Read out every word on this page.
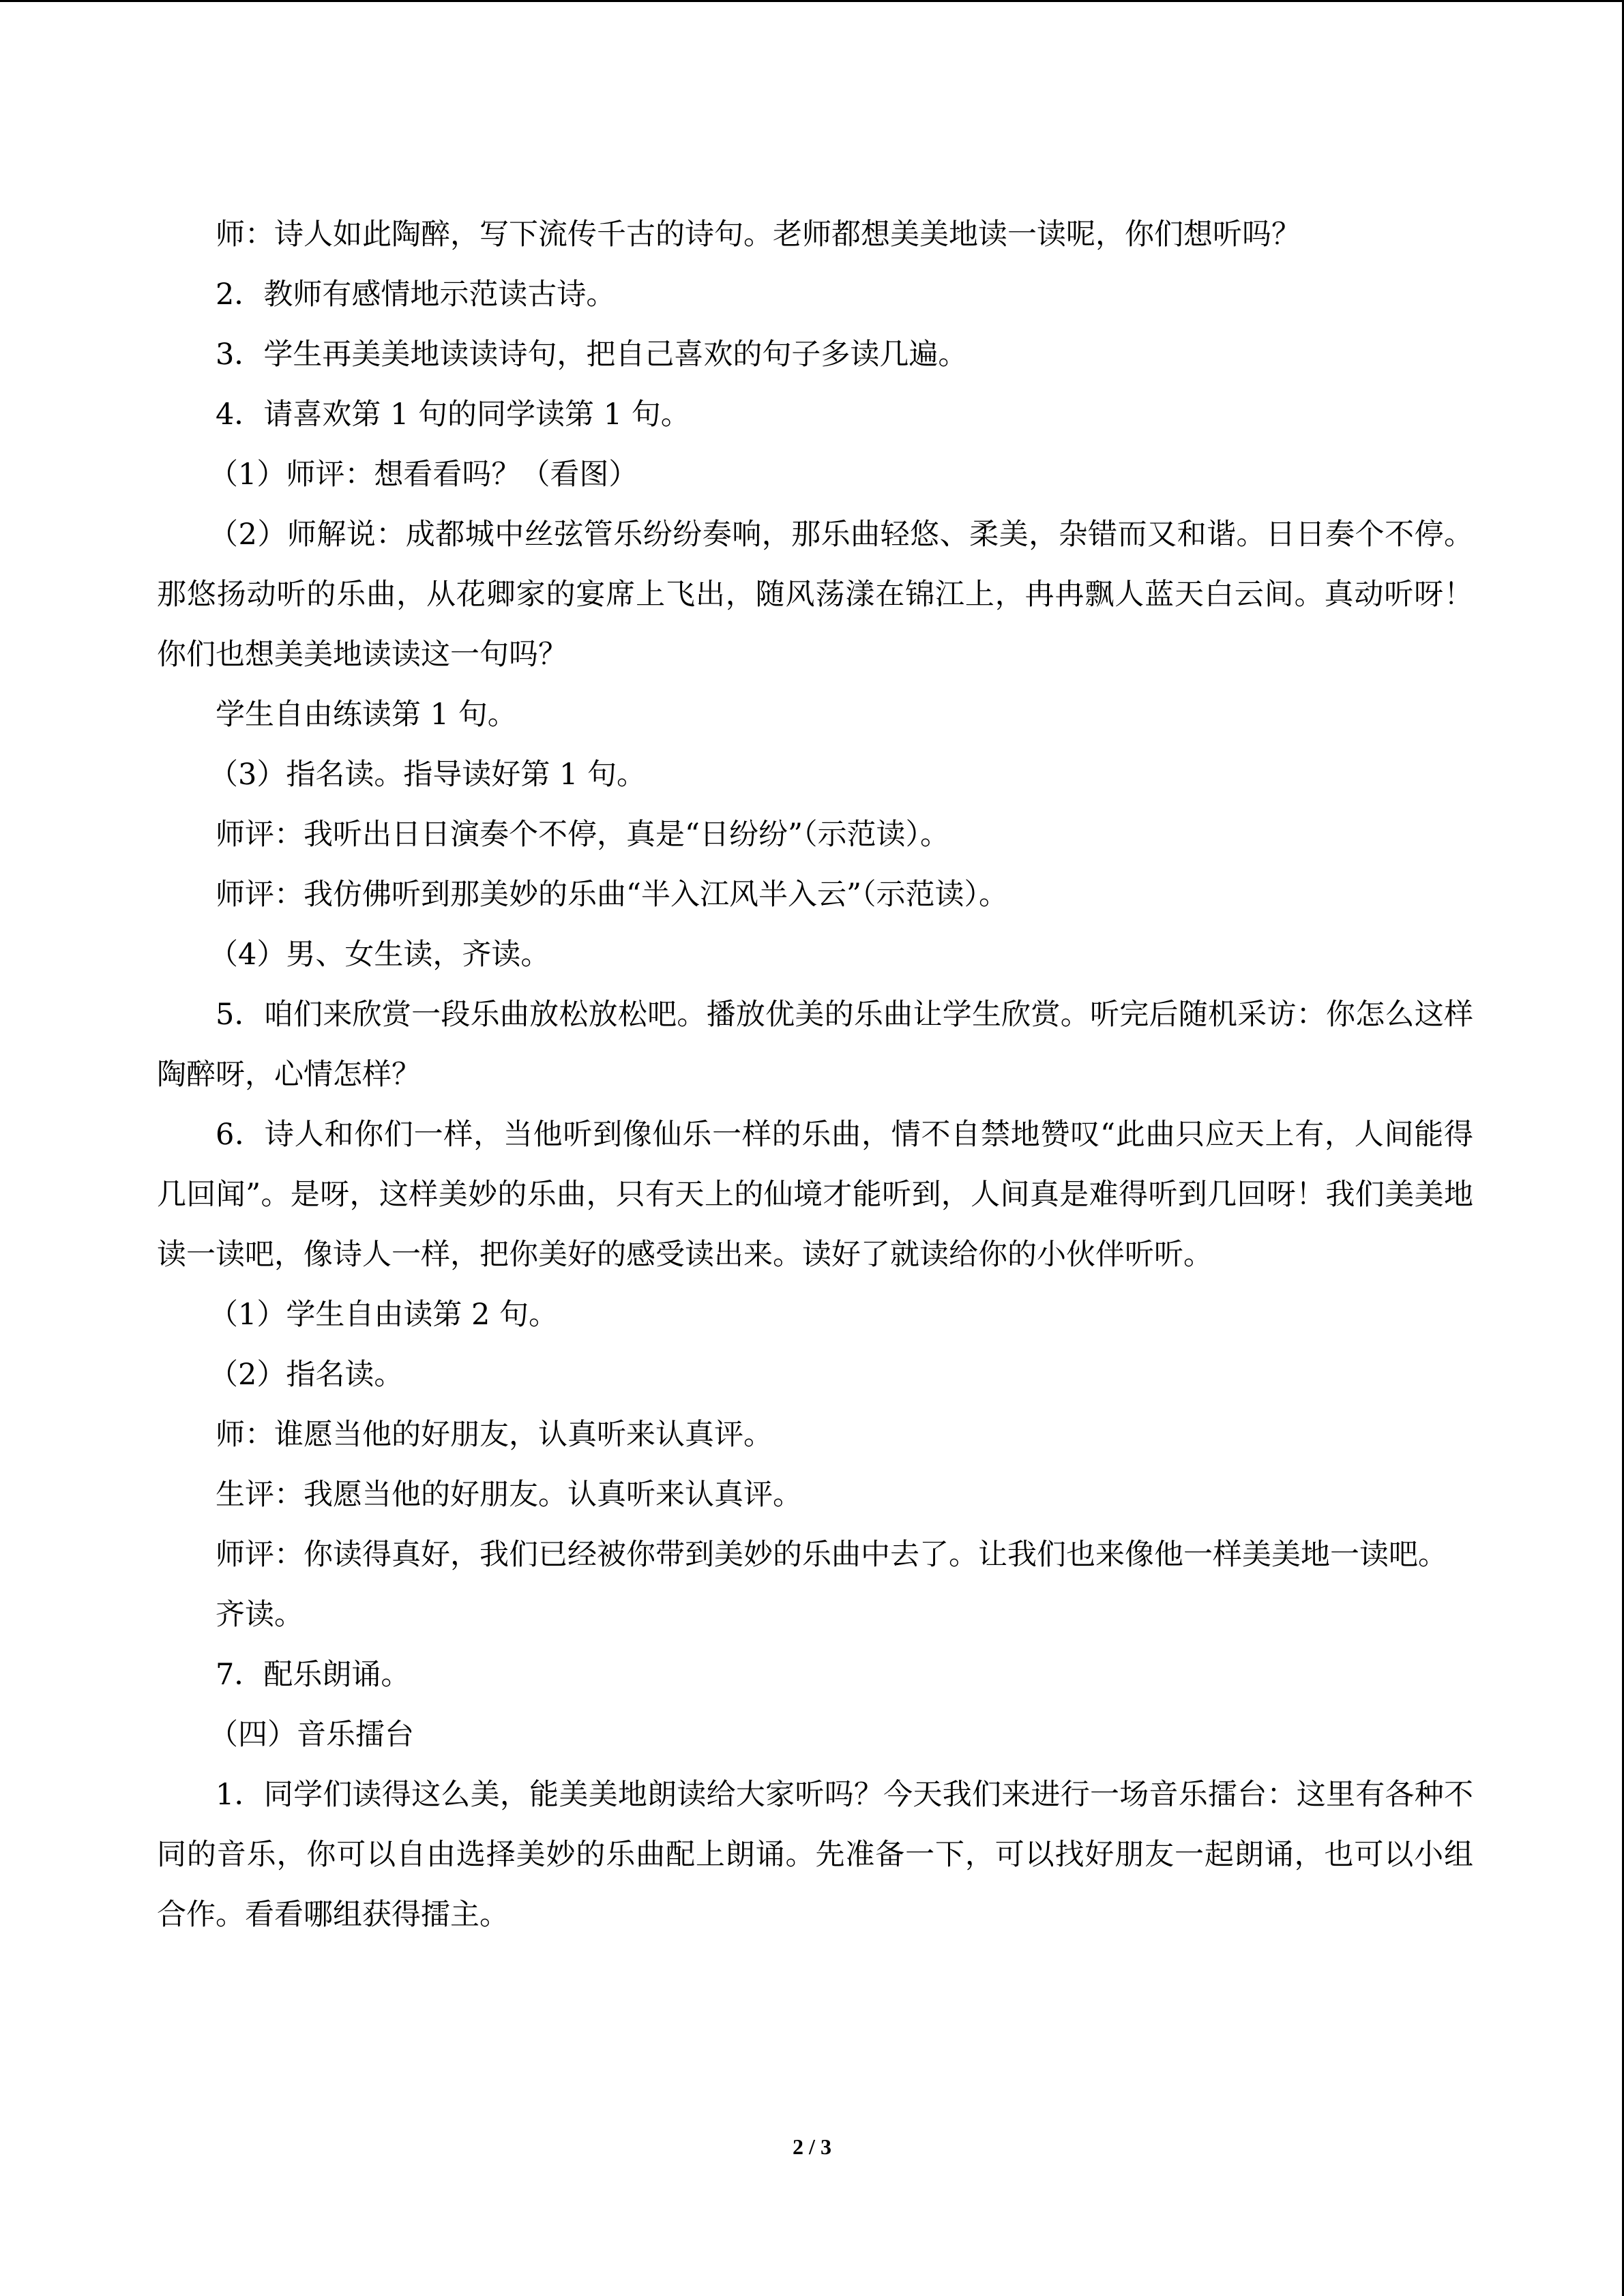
师：诗人如此陶醉，写下流传千古的诗句。老师都想美美地读一读呢，你们想听吗？

2．教师有感情地示范读古诗。

3．学生再美美地读读诗句，把自己喜欢的句子多读几遍。

4．请喜欢第 1 句的同学读第 1 句。

（1）师评：想看看吗？（看图）

（2）师解说：成都城中丝弦管乐纷纷奏响，那乐曲轻悠、柔美，杂错而又和谐。日日奏个不停。那悠扬动听的乐曲，从花卿家的宴席上飞出，随风荡漾在锦江上，冉冉飘人蓝天白云间。真动听呀！你们也想美美地读读这一句吗？

学生自由练读第 1 句。

（3）指名读。指导读好第 1 句。

师评：我听出日日演奏个不停，真是“日纷纷”（示范读）。

师评：我仿佛听到那美妙的乐曲“半入江风半入云”（示范读）。

（4）男、女生读，齐读。

5．咱们来欣赏一段乐曲放松放松吧。播放优美的乐曲让学生欣赏。听完后随机采访：你怎么这样陶醉呀，心情怎样？

6．诗人和你们一样，当他听到像仙乐一样的乐曲，情不自禁地赞叹“此曲只应天上有，人间能得几回闻”。是呀，这样美妙的乐曲，只有天上的仙境才能听到，人间真是难得听到几回呀！我们美美地读一读吧，像诗人一样，把你美好的感受读出来。读好了就读给你的小伙伴听听。

（1）学生自由读第 2 句。

（2）指名读。

师：谁愿当他的好朋友，认真听来认真评。

生评：我愿当他的好朋友。认真听来认真评。

师评：你读得真好，我们已经被你带到美妙的乐曲中去了。让我们也来像他一样美美地一读吧。

齐读。

7．配乐朗诵。

（四）音乐擂台

1．同学们读得这么美，能美美地朗读给大家听吗？今天我们来进行一场音乐擂台：这里有各种不同的音乐，你可以自由选择美妙的乐曲配上朗诵。先准备一下，可以找好朋友一起朗诵，也可以小组合作。看看哪组获得擂主。

2 / 3
